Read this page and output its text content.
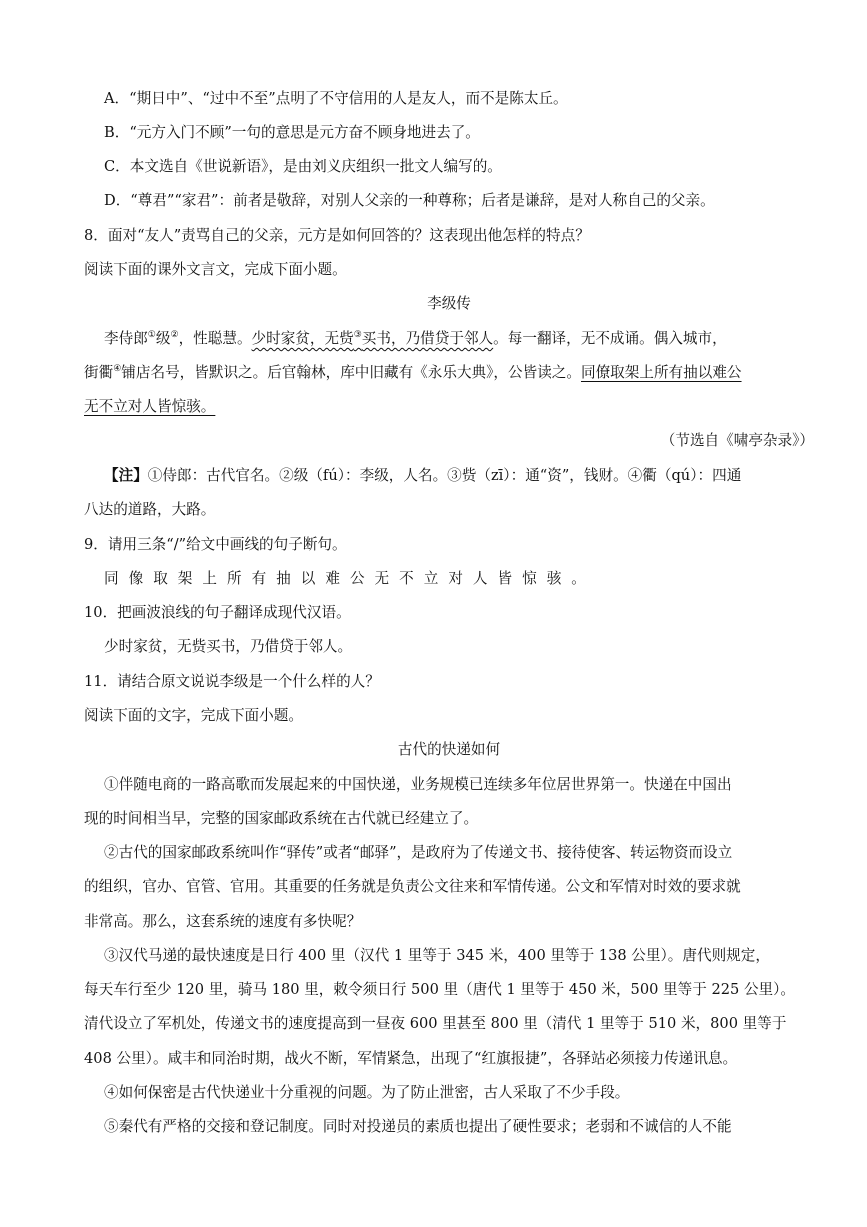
A．“期日中”、“过中不至”点明了不守信用的人是友人，而不是陈太丘。
B．“元方入门不顾”一句的意思是元方奋不顾身地进去了。
C．本文选自《世说新语》，是由刘义庆组织一批文人编写的。
D．“尊君”“家君”：前者是敬辞，对别人父亲的一种尊称；后者是谦辞，是对人称自己的父亲。
8．面对“友人”责骂自己的父亲，元方是如何回答的？这表现出他怎样的特点？
阅读下面的课外文言文，完成下面小题。
李级传
李侍郎①级②，性聪慧。少时家贫，无赀③买书，乃借贷于邻人。每一翻译，无不成诵。偶入城市，
街衢④铺店名号，皆默识之。后官翰林，库中旧藏有《永乐大典》，公皆读之。同僚取架上所有抽以难公
无不立对人皆惊骇。
（节选自《啸亭杂录》）
【注】①侍郎：古代官名。②级（fú）：李级，人名。③赀（zī）：通“资”，钱财。④衢（qú）：四通
八达的道路，大路。
9．请用三条“/”给文中画线的句子断句。
同像取架上所有抽以难公无不立对人皆惊骇。
10．把画波浪线的句子翻译成现代汉语。
少时家贫，无赀买书，乃借贷于邻人。
11．请结合原文说说李级是一个什么样的人？
阅读下面的文字，完成下面小题。
古代的快递如何
①伴随电商的一路高歌而发展起来的中国快递，业务规模已连续多年位居世界第一。快递在中国出
现的时间相当早，完整的国家邮政系统在古代就已经建立了。
②古代的国家邮政系统叫作“驿传”或者“邮驿”，是政府为了传递文书、接待使客、转运物资而设立
的组织，官办、官管、官用。其重要的任务就是负责公文往来和军情传递。公文和军情对时效的要求就
非常高。那么，这套系统的速度有多快呢？
③汉代马递的最快速度是日行 400 里（汉代 1 里等于 345 米，400 里等于 138 公里）。唐代则规定，
每天车行至少 120 里，骑马 180 里，敕令须日行 500 里（唐代 1 里等于 450 米，500 里等于 225 公里）。
清代设立了军机处，传递文书的速度提高到一昼夜 600 里甚至 800 里（清代 1 里等于 510 米，800 里等于
408 公里）。咸丰和同治时期，战火不断，军情紧急，出现了“红旗报捷”，各驿站必须接力传递讯息。
④如何保密是古代快递业十分重视的问题。为了防止泄密，古人采取了不少手段。
⑤秦代有严格的交接和登记制度。同时对投递员的素质也提出了硬性要求；老弱和不诚信的人不能
